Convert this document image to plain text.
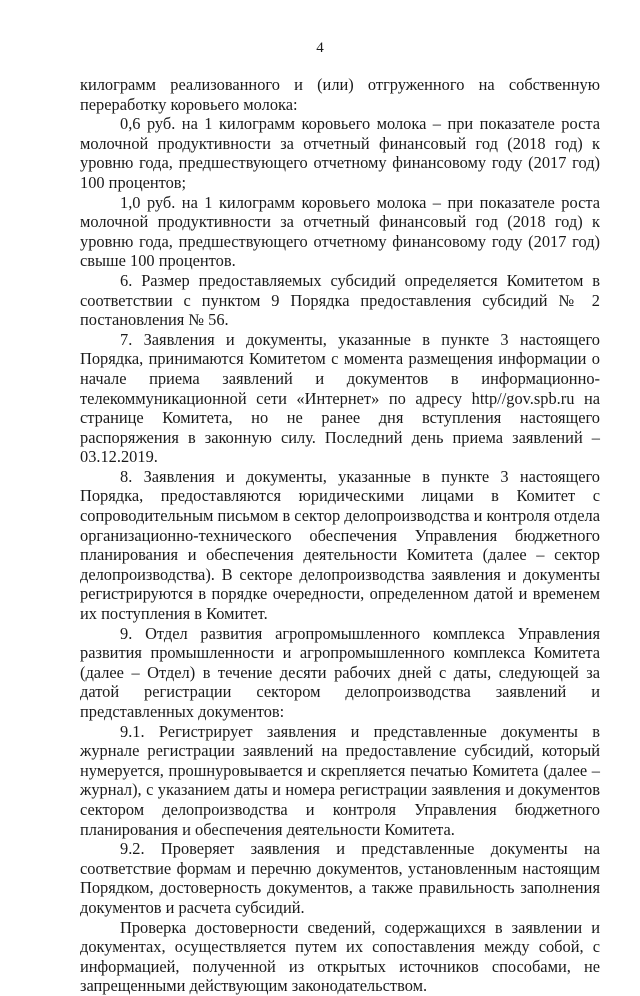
4

килограмм реализованного и (или) отгруженного на собственную переработку коровьего молока:

0,6 руб. на 1 килограмм коровьего молока – при показателе роста молочной продуктивности за отчетный финансовый год (2018 год) к уровню года, предшествующего отчетному финансовому году (2017 год) 100 процентов;

1,0 руб. на 1 килограмм коровьего молока – при показателе роста молочной продуктивности за отчетный финансовый год (2018 год) к уровню года, предшествующего отчетному финансовому году (2017 год) свыше 100 процентов.

6. Размер предоставляемых субсидий определяется Комитетом в соответствии с пунктом 9 Порядка предоставления субсидий № 2 постановления № 56.

7. Заявления и документы, указанные в пункте 3 настоящего Порядка, принимаются Комитетом с момента размещения информации о начале приема заявлений и документов в информационно-телекоммуникационной сети «Интернет» по адресу http//gov.spb.ru на странице Комитета, но не ранее дня вступления настоящего распоряжения в законную силу. Последний день приема заявлений – 03.12.2019.

8. Заявления и документы, указанные в пункте 3 настоящего Порядка, предоставляются юридическими лицами в Комитет с сопроводительным письмом в сектор делопроизводства и контроля отдела организационно-технического обеспечения Управления бюджетного планирования и обеспечения деятельности Комитета (далее – сектор делопроизводства). В секторе делопроизводства заявления и документы регистрируются в порядке очередности, определенном датой и временем их поступления в Комитет.

9. Отдел развития агропромышленного комплекса Управления развития промышленности и агропромышленного комплекса Комитета (далее – Отдел) в течение десяти рабочих дней с даты, следующей за датой регистрации сектором делопроизводства заявлений и представленных документов:

9.1. Регистрирует заявления и представленные документы в журнале регистрации заявлений на предоставление субсидий, который нумеруется, прошнуровывается и скрепляется печатью Комитета (далее – журнал), с указанием даты и номера регистрации заявления и документов сектором делопроизводства и контроля Управления бюджетного планирования и обеспечения деятельности Комитета.

9.2. Проверяет заявления и представленные документы на соответствие формам и перечню документов, установленным настоящим Порядком, достоверность документов, а также правильность заполнения документов и расчета субсидий.

Проверка достоверности сведений, содержащихся в заявлении и документах, осуществляется путем их сопоставления между собой, с информацией, полученной из открытых источников способами, не запрещенными действующим законодательством.
